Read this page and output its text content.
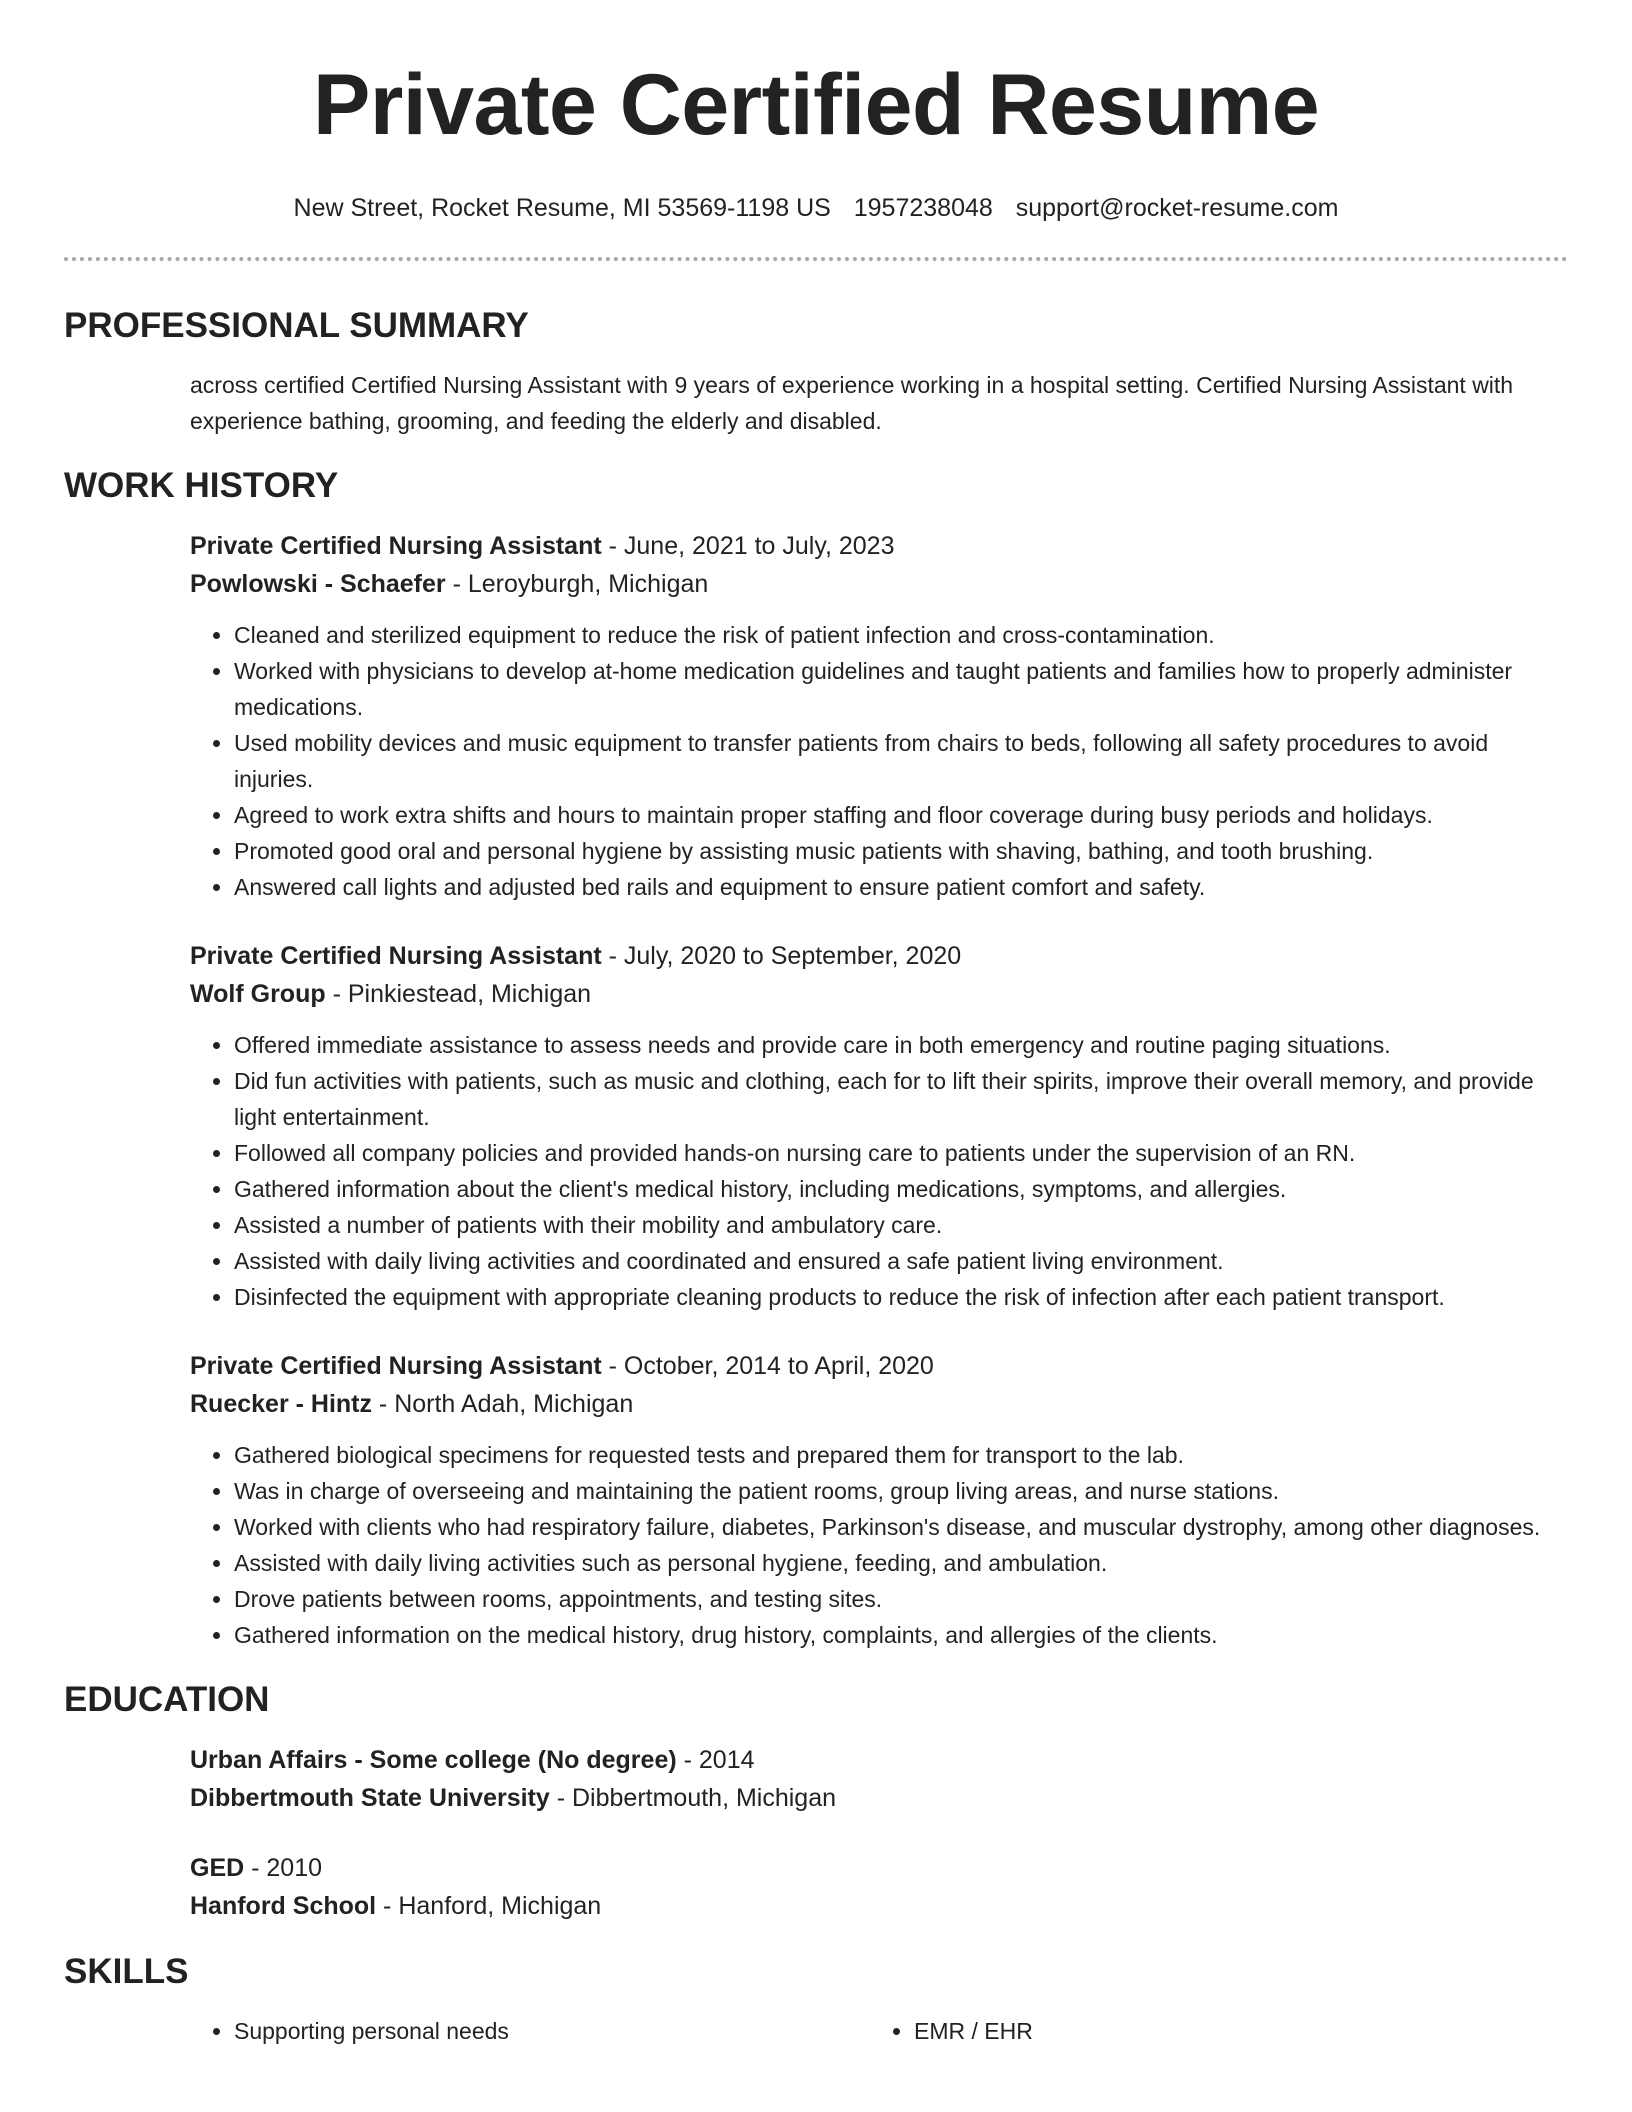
Private Certified Resume
New Street, Rocket Resume, MI 53569-1198 US 1957238048 support@rocket-resume.com
PROFESSIONAL SUMMARY

across certified Certified Nursing Assistant with 9 years of experience working in a hospital setting. Certified Nursing Assistant with experience bathing, grooming, and feeding the elderly and disabled.

WORK HISTORY
Private Certified Nursing Assistant - June, 2021 to July, 2023
Powlowski - Schaefer - Leroyburgh, Michigan
• Cleaned and sterilized equipment to reduce the risk of patient infection and cross-contamination.
• Worked with physicians to develop at-home medication guidelines and taught patients and families how to properly administer medications.
• Used mobility devices and music equipment to transfer patients from chairs to beds, following all safety procedures to avoid injuries.
• Agreed to work extra shifts and hours to maintain proper staffing and floor coverage during busy periods and holidays.
• Promoted good oral and personal hygiene by assisting music patients with shaving, bathing, and tooth brushing.
• Answered call lights and adjusted bed rails and equipment to ensure patient comfort and safety.
Private Certified Nursing Assistant - July, 2020 to September, 2020
Wolf Group - Pinkiestead, Michigan
• Offered immediate assistance to assess needs and provide care in both emergency and routine paging situations.
• Did fun activities with patients, such as music and clothing, each for to lift their spirits, improve their overall memory, and provide light entertainment.
• Followed all company policies and provided hands-on nursing care to patients under the supervision of an RN.
• Gathered information about the client's medical history, including medications, symptoms, and allergies.
• Assisted a number of patients with their mobility and ambulatory care.
• Assisted with daily living activities and coordinated and ensured a safe patient living environment.
• Disinfected the equipment with appropriate cleaning products to reduce the risk of infection after each patient transport.
Private Certified Nursing Assistant - October, 2014 to April, 2020
Ruecker - Hintz - North Adah, Michigan
• Gathered biological specimens for requested tests and prepared them for transport to the lab.
• Was in charge of overseeing and maintaining the patient rooms, group living areas, and nurse stations.
• Worked with clients who had respiratory failure, diabetes, Parkinson's disease, and muscular dystrophy, among other diagnoses.
• Assisted with daily living activities such as personal hygiene, feeding, and ambulation.
• Drove patients between rooms, appointments, and testing sites.
• Gathered information on the medical history, drug history, complaints, and allergies of the clients.
EDUCATION
Urban Affairs - Some college (No degree) - 2014
Dibbertmouth State University - Dibbertmouth, Michigan
GED - 2010
Hanford School - Hanford, Michigan
SKILLS
• Supporting personal needs
•	EMR / EHR
